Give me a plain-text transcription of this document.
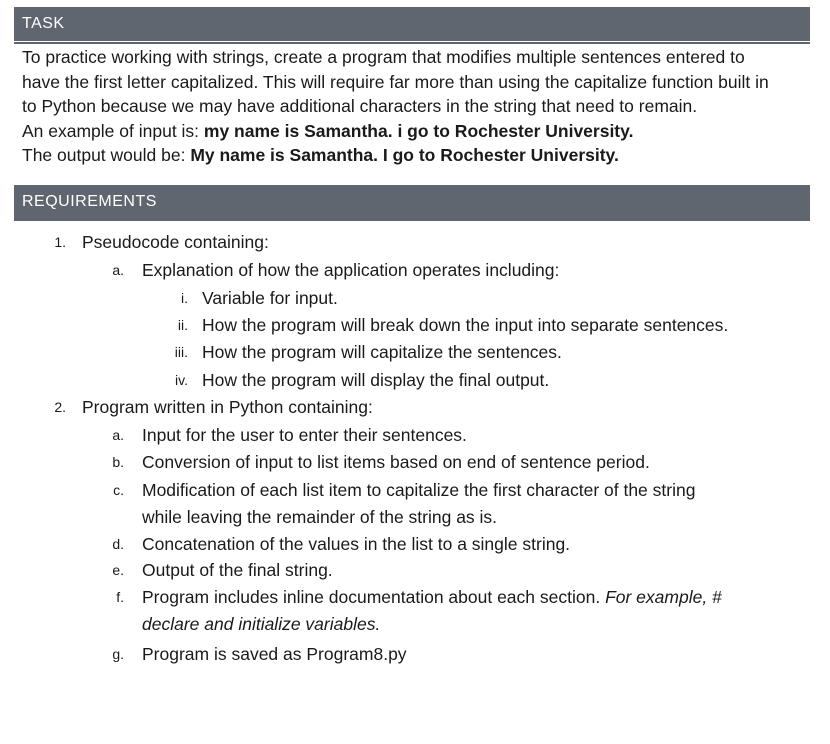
TASK

To practice working with strings, create a program that modifies multiple sentences entered to

have the first letter capitalized. This will require far more than using the capitalize function built in

to Python because we may have additional characters in the string that need to remain.

An example of input is: my name is Samantha. i go to Rochester University.

The output would be: My name is Samantha. I go to Rochester University.

REQUIREMENTS
1. Pseudocode containing:
a. Explanation of how the application operates including:
i. Variable for input.
ii. How the program will break down the input into separate sentences.
iii. How the program will capitalize the sentences.
iv. How the program will display the final output.
2. Program written in Python containing:
a. Input for the user to enter their sentences.
b. Conversion of input to list items based on end of sentence period.
c. Modification of each list item to capitalize the first character of the string
while leaving the remainder of the string as is.
d. Concatenation of the values in the list to a single string.
e. Output of the final string.
f. Program includes inline documentation about each section. For example, #
declare and initialize variables.
g. Program is saved as Program8.py
